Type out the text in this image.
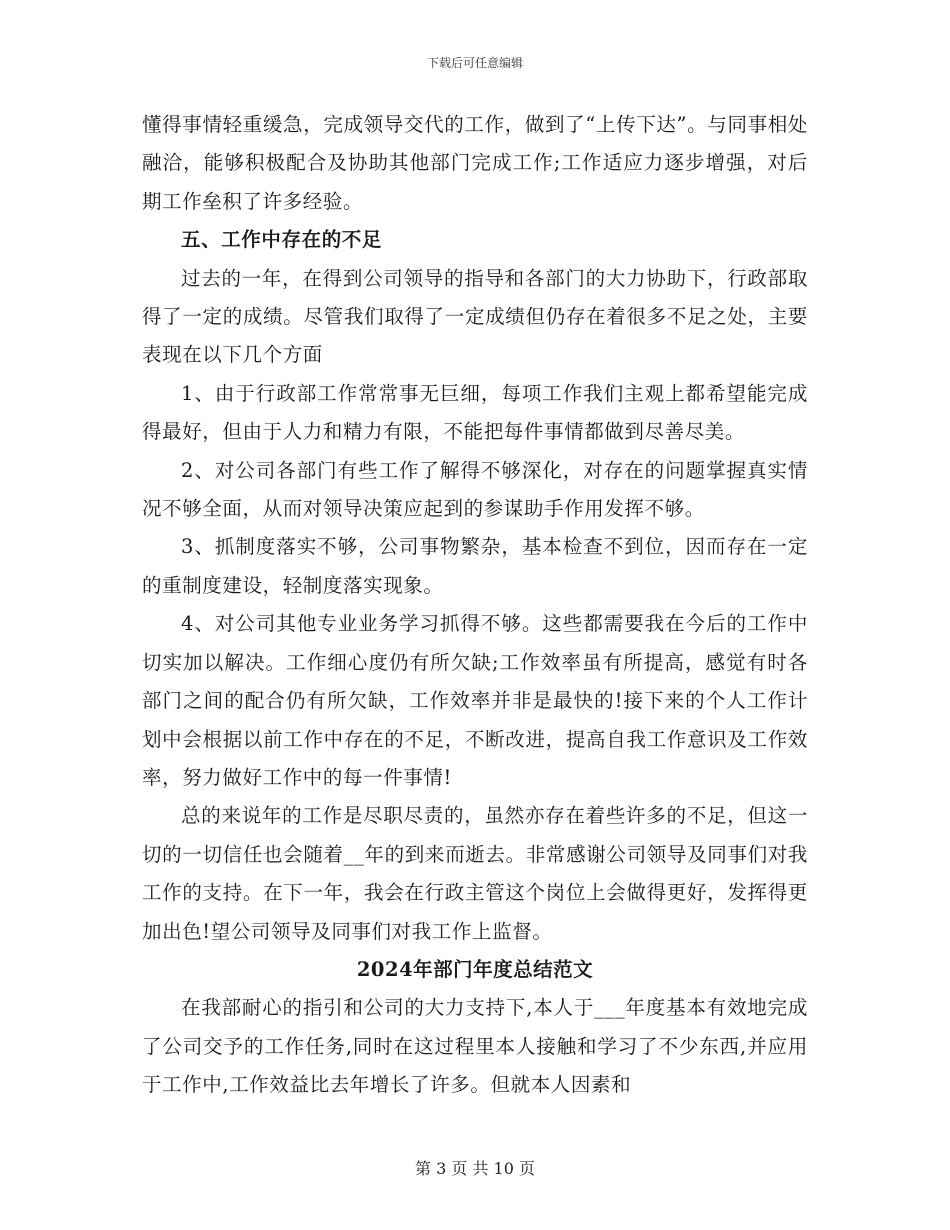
下载后可任意编辑

懂得事情轻重缓急，完成领导交代的工作，做到了“上传下达”。与同事相处融洽，能够积极配合及协助其他部门完成工作;工作适应力逐步增强，对后期工作垒积了许多经验。

五、工作中存在的不足

过去的一年，在得到公司领导的指导和各部门的大力协助下，行政部取得了一定的成绩。尽管我们取得了一定成绩但仍存在着很多不足之处，主要表现在以下几个方面

1、由于行政部工作常常事无巨细，每项工作我们主观上都希望能完成得最好，但由于人力和精力有限，不能把每件事情都做到尽善尽美。

2、对公司各部门有些工作了解得不够深化，对存在的问题掌握真实情况不够全面，从而对领导决策应起到的参谋助手作用发挥不够。

3、抓制度落实不够，公司事物繁杂，基本检查不到位，因而存在一定的重制度建设，轻制度落实现象。

4、对公司其他专业业务学习抓得不够。这些都需要我在今后的工作中切实加以解决。工作细心度仍有所欠缺;工作效率虽有所提高，感觉有时各部门之间的配合仍有所欠缺，工作效率并非是最快的!接下来的个人工作计划中会根据以前工作中存在的不足，不断改进，提高自我工作意识及工作效率，努力做好工作中的每一件事情!

总的来说年的工作是尽职尽责的，虽然亦存在着些许多的不足，但这一切的一切信任也会随着__年的到来而逝去。非常感谢公司领导及同事们对我工作的支持。在下一年，我会在行政主管这个岗位上会做得更好，发挥得更加出色!望公司领导及同事们对我工作上监督。

2024年部门年度总结范文

在我部耐心的指引和公司的大力支持下,本人于___年度基本有效地完成了公司交予的工作任务,同时在这过程里本人接触和学习了不少东西,并应用于工作中,工作效益比去年增长了许多。但就本人因素和

第 3 页 共 10 页
